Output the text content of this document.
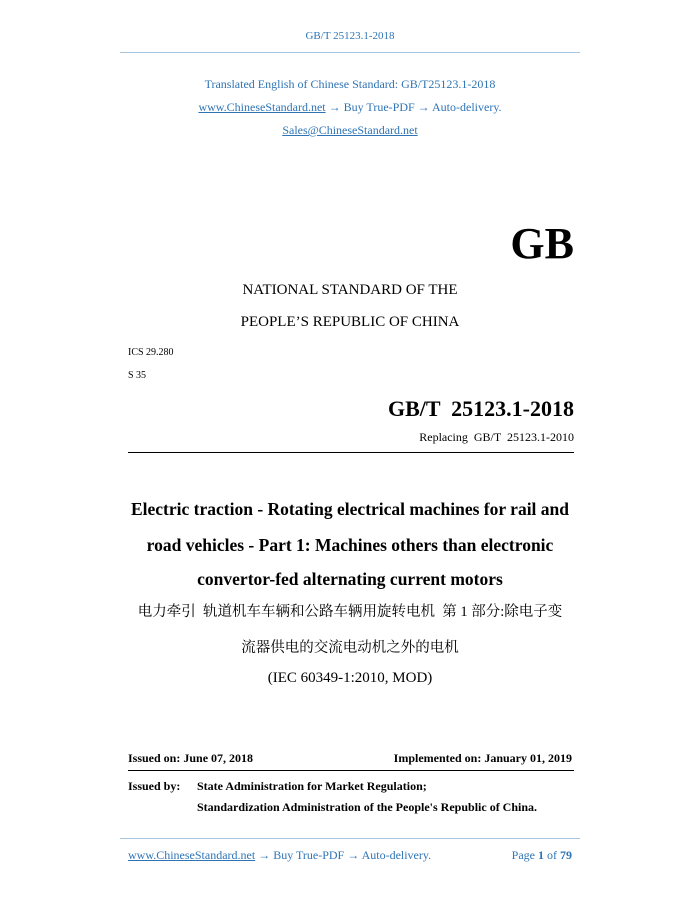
GB/T 25123.1-2018
Translated English of Chinese Standard: GB/T25123.1-2018
www.ChineseStandard.net → Buy True-PDF → Auto-delivery.
Sales@ChineseStandard.net
GB
NATIONAL STANDARD OF THE
PEOPLE’S REPUBLIC OF CHINA
ICS 29.280
S 35
GB/T  25123.1-2018
Replacing  GB/T  25123.1-2010
Electric traction - Rotating electrical machines for rail and
road vehicles - Part 1: Machines others than electronic
convertor-fed alternating current motors
电力牵引  轨道机车车辆和公路车辆用旋转电机  第 1 部分:除电子变
流器供电的交流电动机之外的电机
(IEC 60349-1:2010, MOD)
Issued on: June 07, 2018	Implemented on: January 01, 2019
Issued by: State Administration for Market Regulation;
Standardization Administration of the People's Republic of China.
www.ChineseStandard.net → Buy True-PDF → Auto-delivery.	Page 1 of 79
